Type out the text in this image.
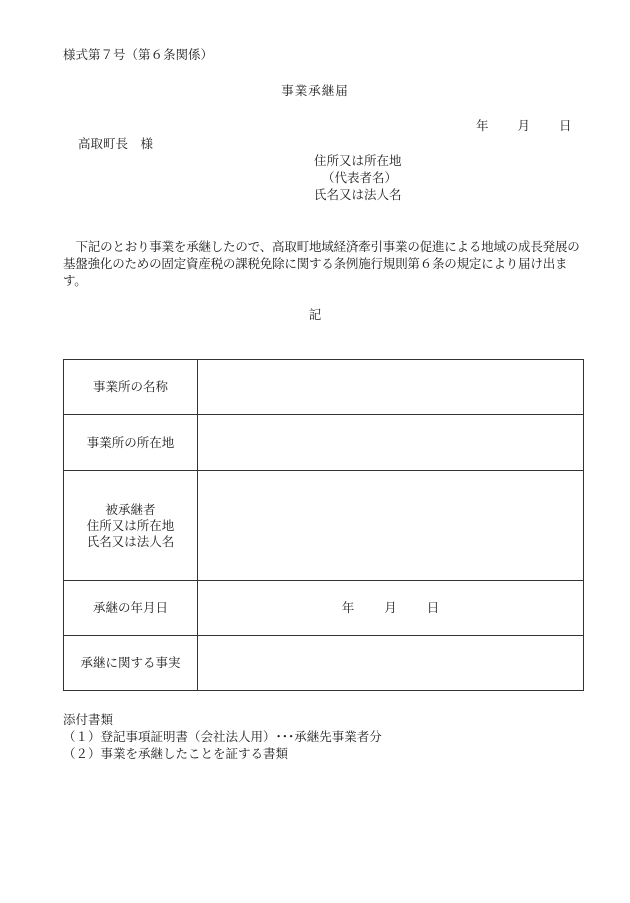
様式第７号（第６条関係）
事業承継届
年 月 日
高取町長　様
住所又は所在地
（代表者名）
氏名又は法人名
下記のとおり事業を承継したので、高取町地域経済牽引事業の促進による地域の成長発展の基盤強化のための固定資産税の課税免除に関する条例施行規則第６条の規定により届け出ます。
記
事業所の名称	

事業所の所在地	

被承継者
住所又は所在地
氏名又は法人名	

承継の年月日	年 月 日

承継に関する事実	

添付書類
（１）登記事項証明書（会社法人用）･･･承継先事業者分
（２）事業を承継したことを証する書類
